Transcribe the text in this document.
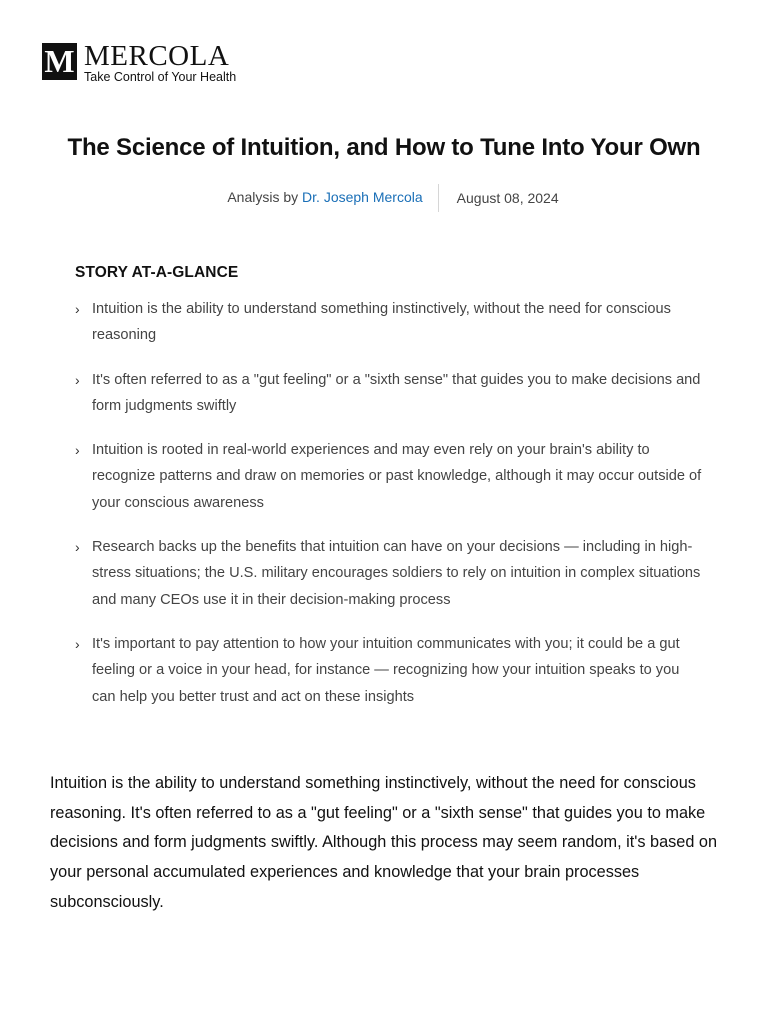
M MERCOLA
Take Control of Your Health
The Science of Intuition, and How to Tune Into Your Own
Analysis by Dr. Joseph Mercola	August 08, 2024
STORY AT-A-GLANCE
› Intuition is the ability to understand something instinctively, without the need for conscious reasoning
› It's often referred to as a "gut feeling" or a "sixth sense" that guides you to make decisions and form judgments swiftly
› Intuition is rooted in real-world experiences and may even rely on your brain's ability to recognize patterns and draw on memories or past knowledge, although it may occur outside of your conscious awareness
› Research backs up the benefits that intuition can have on your decisions — including in high-stress situations; the U.S. military encourages soldiers to rely on intuition in complex situations and many CEOs use it in their decision-making process
› It's important to pay attention to how your intuition communicates with you; it could be a gut feeling or a voice in your head, for instance — recognizing how your intuition speaks to you can help you better trust and act on these insights

Intuition is the ability to understand something instinctively, without the need for conscious reasoning. It's often referred to as a "gut feeling" or a "sixth sense" that guides you to make decisions and form judgments swiftly. Although this process may seem random, it's based on your personal accumulated experiences and knowledge that your brain processes subconsciously.
